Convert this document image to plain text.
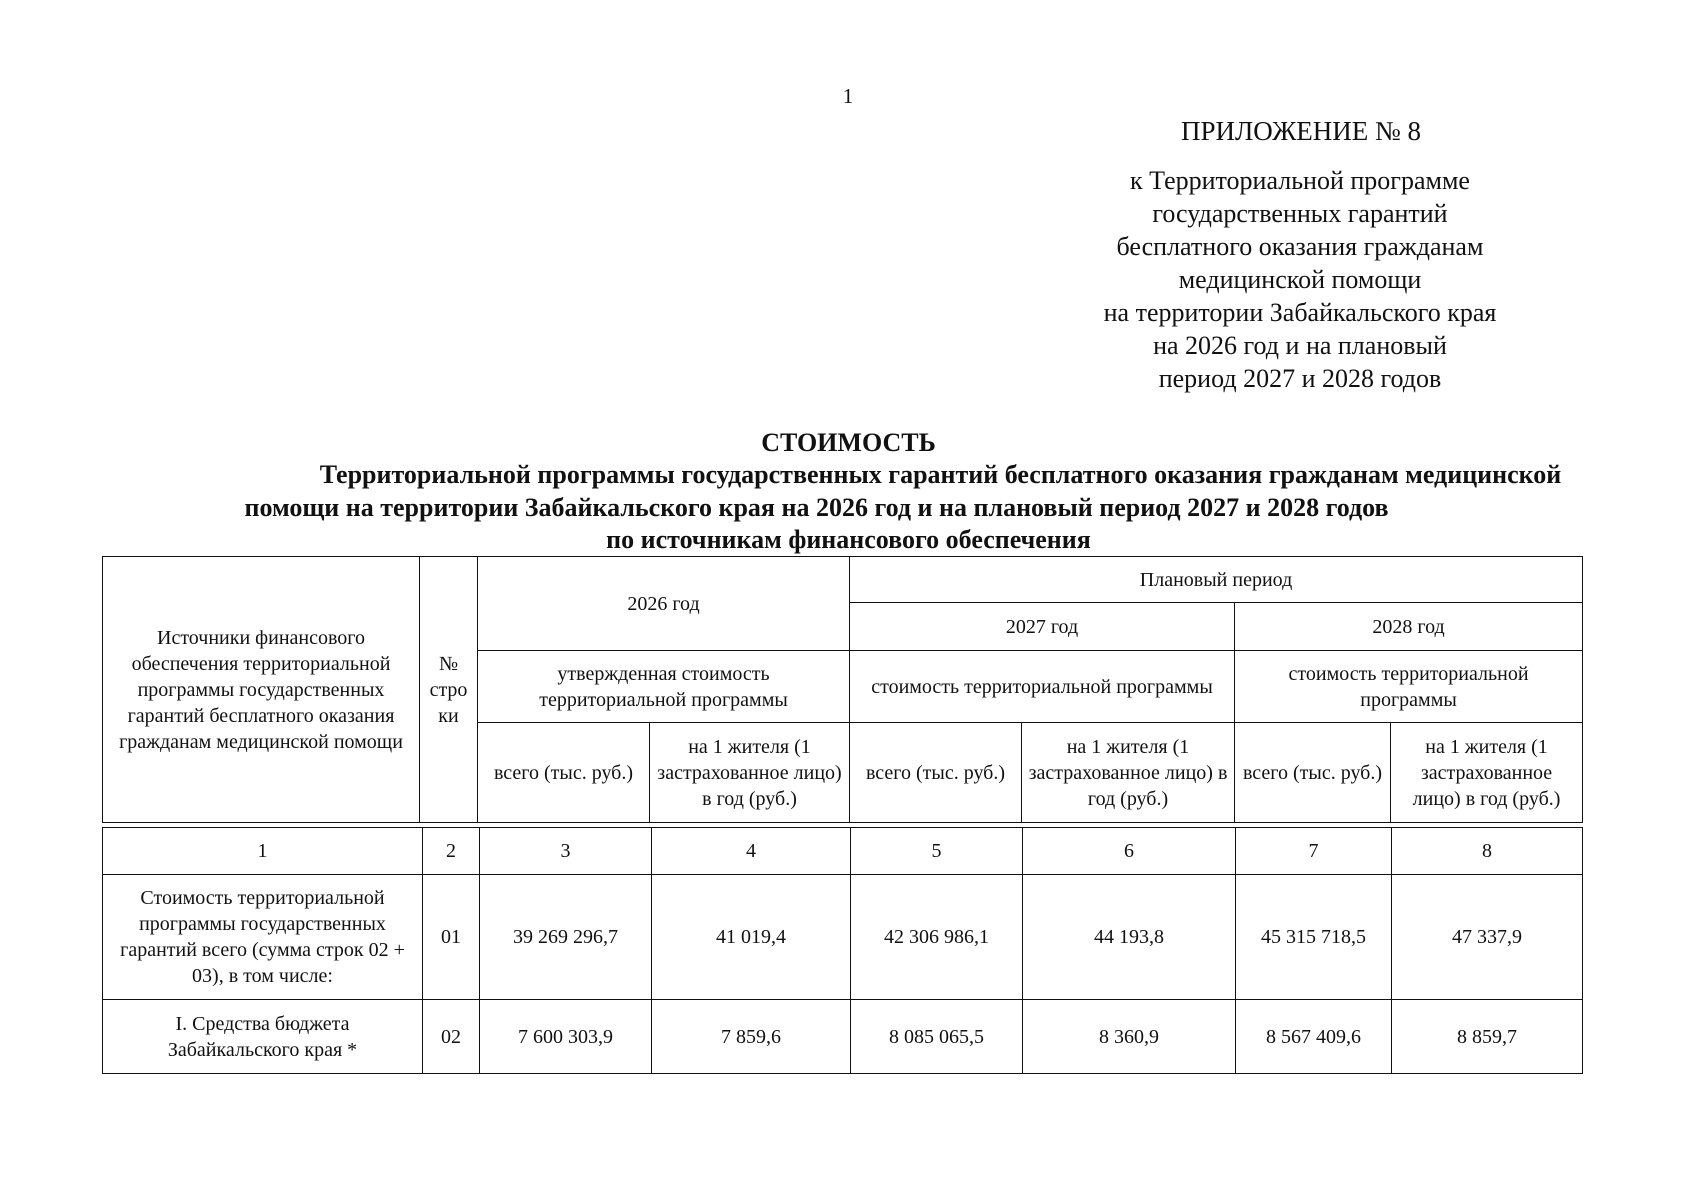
1
ПРИЛОЖЕНИЕ № 8
к Территориальной программе
государственных гарантий
бесплатного оказания гражданам
медицинской помощи
на территории Забайкальского края
на 2026 год и на плановый
период 2027 и 2028 годов
СТОИМОСТЬ
Территориальной программы государственных гарантий бесплатного оказания гражданам медицинской
помощи на территории Забайкальского края на 2026 год и на плановый период 2027 и 2028 годов
по источникам финансового обеспечения
Источники финансового обеспечения территориальной программы государственных гарантий бесплатного оказания гражданам медицинской помощи	№ стро ки	2026 год		Плановый период			
				2027 год		2028 год	
		утвержденная стоимость территориальной программы		стоимость территориальной программы		стоимость территориальной программы	
		всего (тыс. руб.)	на 1 жителя (1 застрахованное лицо) в год (руб.)	всего (тыс. руб.)	на 1 жителя (1 застрахованное лицо) в год (руб.)	всего (тыс. руб.)	на 1 жителя (1 застрахованное лицо) в год (руб.)
1	2	3	4	5	6	7	8
Стоимость территориальной программы государственных гарантий всего (сумма строк 02 + 03), в том числе:	01	39 269 296,7	41 019,4	42 306 986,1	44 193,8	45 315 718,5	47 337,9
I. Средства бюджета Забайкальского края *	02	7 600 303,9	7 859,6	8 085 065,5	8 360,9	8 567 409,6	8 859,7
